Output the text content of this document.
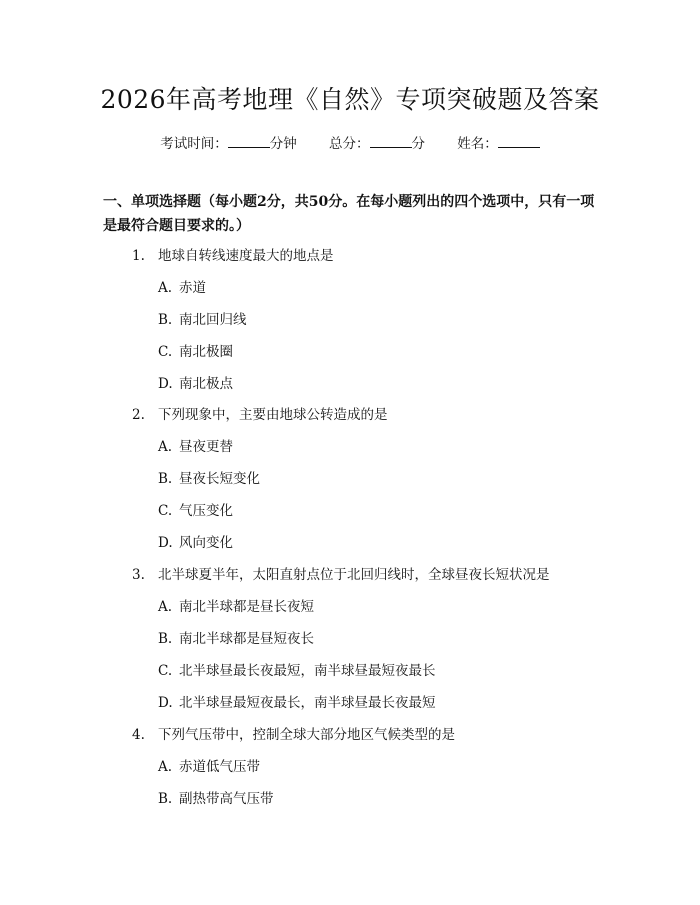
2026年高考地理《自然》专项突破题及答案
考试时间：	分钟 总分：	分 姓名：
一、单项选择题（每小题2分，共50分。在每小题列出的四个选项中，只有一项是最符合题目要求的。）
1. 地球自转线速度最大的地点是
A. 赤道
B. 南北回归线
C. 南北极圈
D. 南北极点
2. 下列现象中，主要由地球公转造成的是
A. 昼夜更替
B. 昼夜长短变化
C. 气压变化
D. 风向变化
3. 北半球夏半年，太阳直射点位于北回归线时，全球昼夜长短状况是
A. 南北半球都是昼长夜短
B. 南北半球都是昼短夜长
C. 北半球昼最长夜最短，南半球昼最短夜最长
D. 北半球昼最短夜最长，南半球昼最长夜最短
4. 下列气压带中，控制全球大部分地区气候类型的是
A. 赤道低气压带
B. 副热带高气压带
